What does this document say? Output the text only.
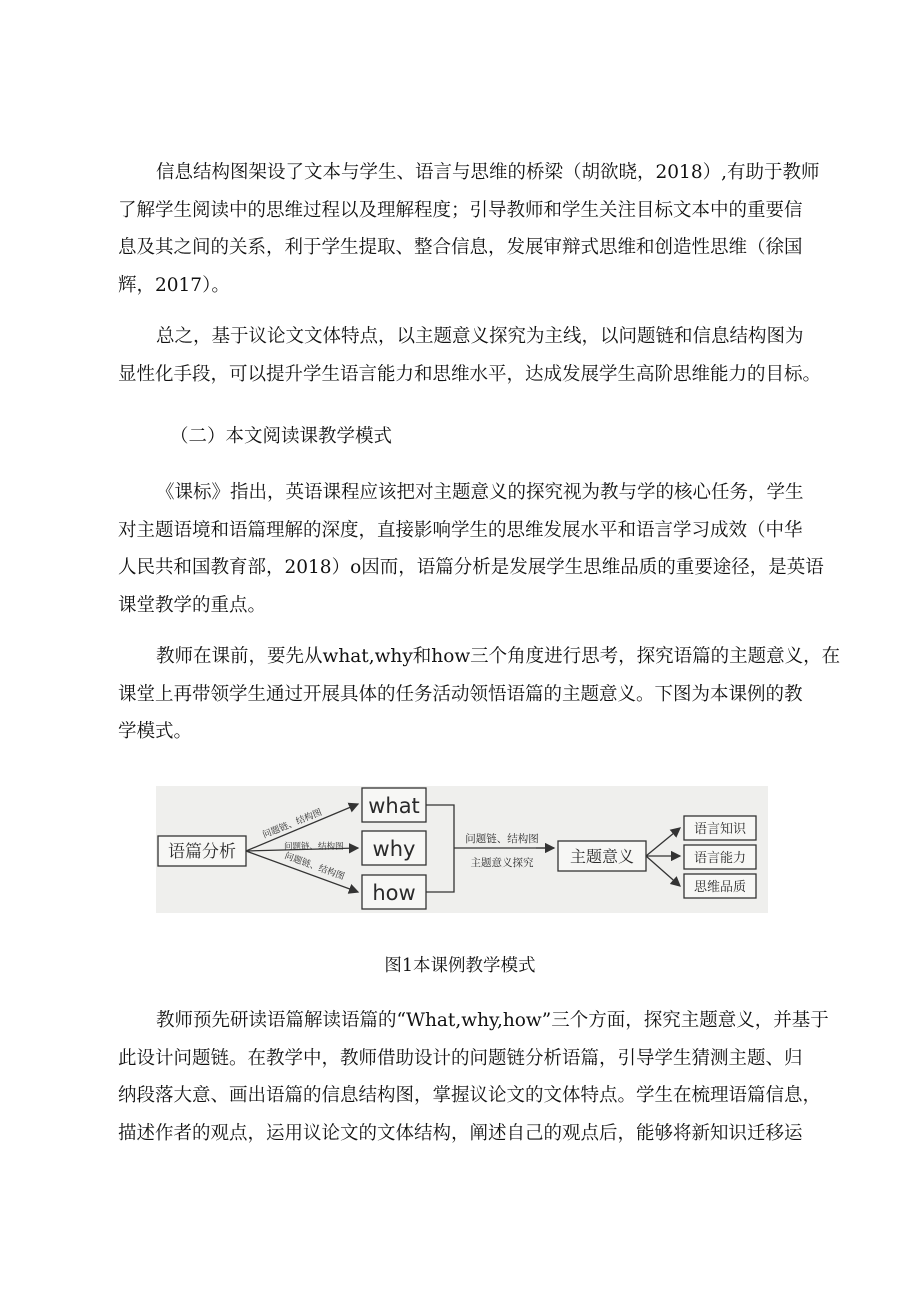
信息结构图架设了文本与学生、语言与思维的桥梁（胡欲晓，2018）,有助于教师
了解学生阅读中的思维过程以及理解程度；引导教师和学生关注目标文本中的重要信
息及其之间的关系，利于学生提取、整合信息，发展审辩式思维和创造性思维（徐国
辉，2017）。

总之，基于议论文文体特点，以主题意义探究为主线，以问题链和信息结构图为
显性化手段，可以提升学生语言能力和思维水平，达成发展学生高阶思维能力的目标。

（二）本文阅读课教学模式

《课标》指出，英语课程应该把对主题意义的探究视为教与学的核心任务，学生
对主题语境和语篇理解的深度，直接影响学生的思维发展水平和语言学习成效（中华
人民共和国教育部，2018）o因而，语篇分析是发展学生思维品质的重要途径，是英语
课堂教学的重点。

教师在课前，要先从what,why和how三个角度进行思考，探究语篇的主题意义，在
课堂上再带领学生通过开展具体的任务活动领悟语篇的主题意义。下图为本课例的教
学模式。

语篇分析
问题链、结构图
问题链、结构图
问题链、结构图
what
why
how
问题链、结构图
主题意义探究 主题意义
语言知识
语言能力
思维品质
图1本课例教学模式

教师预先研读语篇解读语篇的“What,why,how”三个方面，探究主题意义，并基于
此设计问题链。在教学中，教师借助设计的问题链分析语篇，引导学生猜测主题、归
纳段落大意、画出语篇的信息结构图，掌握议论文的文体特点。学生在梳理语篇信息，
描述作者的观点，运用议论文的文体结构，阐述自己的观点后，能够将新知识迁移运
